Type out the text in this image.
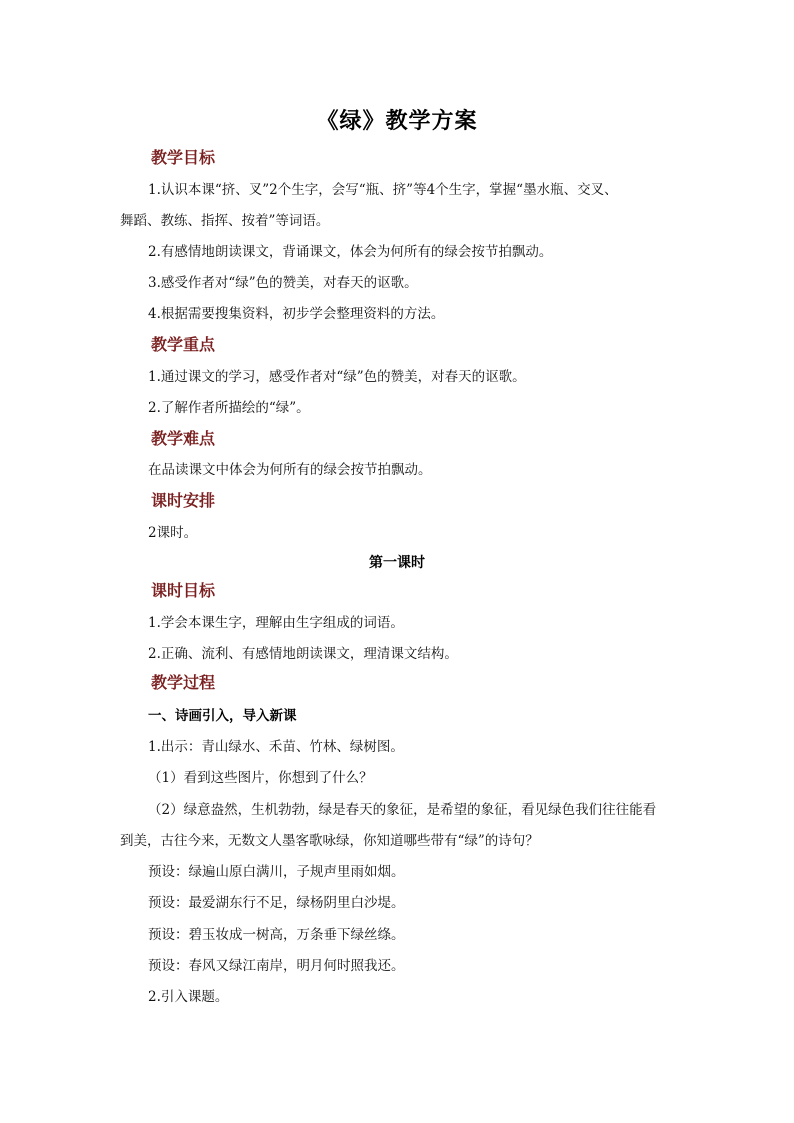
《绿》教学方案
教学目标
1.认识本课“挤、叉”2个生字，会写“瓶、挤”等4个生字，掌握“墨水瓶、交叉、
舞蹈、教练、指挥、按着”等词语。
2.有感情地朗读课文，背诵课文，体会为何所有的绿会按节拍飘动。
3.感受作者对“绿”色的赞美，对春天的讴歌。
4.根据需要搜集资料，初步学会整理资料的方法。
教学重点
1.通过课文的学习，感受作者对“绿”色的赞美，对春天的讴歌。
2.了解作者所描绘的“绿”。
教学难点
在品读课文中体会为何所有的绿会按节拍飘动。
课时安排
2课时。
第一课时
课时目标
1.学会本课生字，理解由生字组成的词语。
2.正确、流利、有感情地朗读课文，理清课文结构。
教学过程
一、诗画引入，导入新课
1.出示：青山绿水、禾苗、竹林、绿树图。
（1）看到这些图片，你想到了什么？
（2）绿意盎然，生机勃勃，绿是春天的象征，是希望的象征，看见绿色我们往往能看
到美，古往今来，无数文人墨客歌咏绿，你知道哪些带有“绿”的诗句？
预设：绿遍山原白满川，子规声里雨如烟。
预设：最爱湖东行不足，绿杨阴里白沙堤。
预设：碧玉妆成一树高，万条垂下绿丝绦。
预设：春风又绿江南岸，明月何时照我还。
2.引入课题。
